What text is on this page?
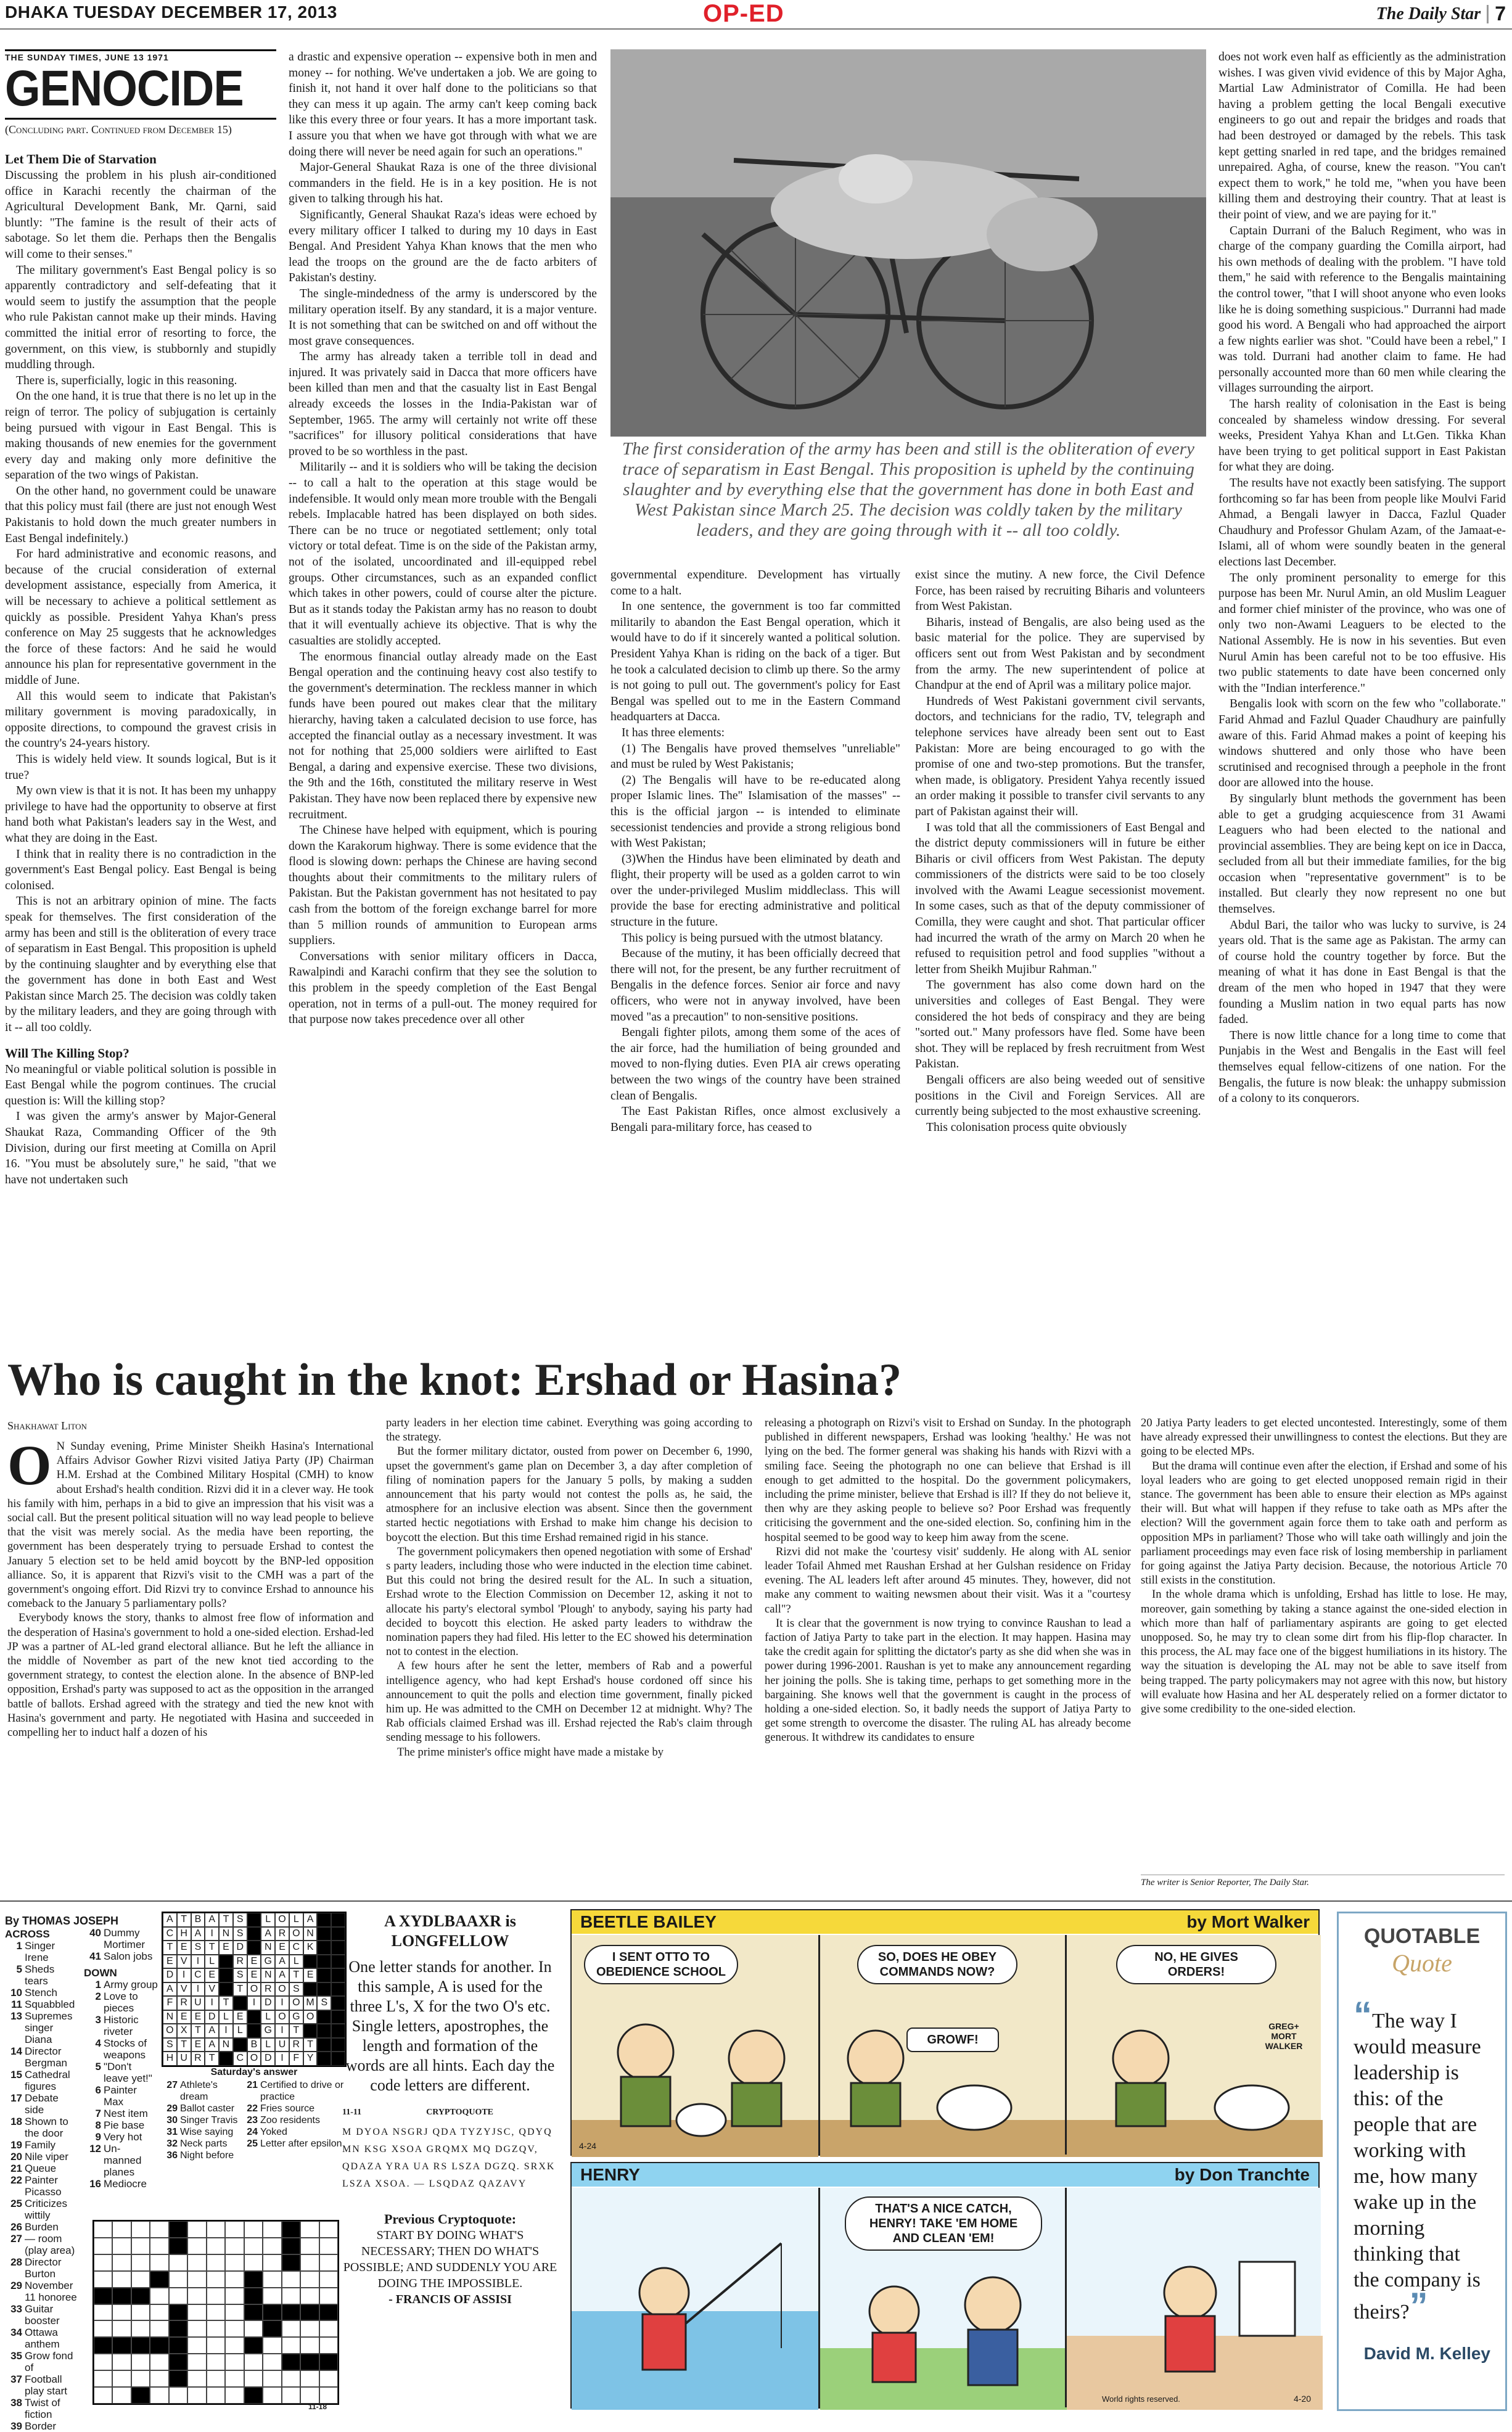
DHAKA TUESDAY DECEMBER 17, 2013	OP-ED	The Daily Star 7
THE SUNDAY TIMES, JUNE 13 1971
GENOCIDE
(Concluding part. Continued from December 15)
Let Them Die of Starvation

Discussing the problem in his plush air-conditioned office in Karachi recently the chairman of the Agricultural Development Bank, Mr. Qarni, said bluntly: "The famine is the result of their acts of sabotage. So let them die. Perhaps then the Bengalis will come to their senses."

The military government's East Bengal policy is so apparently contradictory and self-defeating that it would seem to justify the assumption that the people who rule Pakistan cannot make up their minds. Having committed the initial error of resorting to force, the government, on this view, is stubbornly and stupidly muddling through.

There is, superficially, logic in this reasoning.

On the one hand, it is true that there is no let up in the reign of terror. The policy of subjugation is certainly being pursued with vigour in East Bengal. This is making thousands of new enemies for the government every day and making only more definitive the separation of the two wings of Pakistan.

On the other hand, no government could be unaware that this policy must fail (there are just not enough West Pakistanis to hold down the much greater numbers in East Bengal indefinitely.)

For hard administrative and economic reasons, and because of the crucial consideration of external development assistance, especially from America, it will be necessary to achieve a political settlement as quickly as possible. President Yahya Khan's press conference on May 25 suggests that he acknowledges the force of these factors: And he said he would announce his plan for representative government in the middle of June.

All this would seem to indicate that Pakistan's military government is moving paradoxically, in opposite directions, to compound the gravest crisis in the country's 24-years history.

This is widely held view. It sounds logical, But is it true?

My own view is that it is not. It has been my unhappy privilege to have had the opportunity to observe at first hand both what Pakistan's leaders say in the West, and what they are doing in the East.

I think that in reality there is no contradiction in the government's East Bengal policy. East Bengal is being colonised.

This is not an arbitrary opinion of mine. The facts speak for themselves. The first consideration of the army has been and still is the obliteration of every trace of separatism in East Bengal. This proposition is upheld by the continuing slaughter and by everything else that the government has done in both East and West Pakistan since March 25. The decision was coldly taken by the military leaders, and they are going through with it -- all too coldly.

Will The Killing Stop?

No meaningful or viable political solution is possible in East Bengal while the pogrom continues. The crucial question is: Will the killing stop?

I was given the army's answer by Major-General Shaukat Raza, Commanding Officer of the 9th Division, during our first meeting at Comilla on April 16. "You must be absolutely sure," he said, "that we have not undertaken such

a drastic and expensive operation -- expensive both in men and money -- for nothing. We've undertaken a job. We are going to finish it, not hand it over half done to the politicians so that they can mess it up again. The army can't keep coming back like this every three or four years. It has a more important task. I assure you that when we have got through with what we are doing there will never be need again for such an operations."

Major-General Shaukat Raza is one of the three divisional commanders in the field. He is in a key position. He is not given to talking through his hat.

Significantly, General Shaukat Raza's ideas were echoed by every military officer I talked to during my 10 days in East Bengal. And President Yahya Khan knows that the men who lead the troops on the ground are the de facto arbiters of Pakistan's destiny.

The single-mindedness of the army is underscored by the military operation itself. By any standard, it is a major venture. It is not something that can be switched on and off without the most grave consequences.

The army has already taken a terrible toll in dead and injured. It was privately said in Dacca that more officers have been killed than men and that the casualty list in East Bengal already exceeds the losses in the India-Pakistan war of September, 1965. The army will certainly not write off these "sacrifices" for illusory political considerations that have proved to be so worthless in the past.

Militarily -- and it is soldiers who will be taking the decision -- to call a halt to the operation at this stage would be indefensible. It would only mean more trouble with the Bengali rebels. Implacable hatred has been displayed on both sides. There can be no truce or negotiated settlement; only total victory or total defeat. Time is on the side of the Pakistan army, not of the isolated, uncoordinated and ill-equipped rebel groups. Other circumstances, such as an expanded conflict which takes in other powers, could of course alter the picture. But as it stands today the Pakistan army has no reason to doubt that it will eventually achieve its objective. That is why the casualties are stolidly accepted.

The enormous financial outlay already made on the East Bengal operation and the continuing heavy cost also testify to the government's determination. The reckless manner in which funds have been poured out makes clear that the military hierarchy, having taken a calculated decision to use force, has accepted the financial outlay as a necessary investment. It was not for nothing that 25,000 soldiers were airlifted to East Bengal, a daring and expensive exercise. These two divisions, the 9th and the 16th, constituted the military reserve in West Pakistan. They have now been replaced there by expensive new recruitment.

The Chinese have helped with equipment, which is pouring down the Karakorum highway. There is some evidence that the flood is slowing down: perhaps the Chinese are having second thoughts about their commitments to the military rulers of Pakistan. But the Pakistan government has not hesitated to pay cash from the bottom of the foreign exchange barrel for more than 5 million rounds of ammunition to European arms suppliers.

Conversations with senior military officers in Dacca, Rawalpindi and Karachi confirm that they see the solution to this problem in the speedy completion of the East Bengal operation, not in terms of a pull-out. The money required for that purpose now takes precedence over all other

The first consideration of the army has been and still is the obliteration of every trace of separatism in East Bengal. This proposition is upheld by the continuing slaughter and by everything else that the government has done in both East and West Pakistan since March 25. The decision was coldly taken by the military leaders, and they are going through with it -- all too coldly.

governmental expenditure. Development has virtually come to a halt.

In one sentence, the government is too far committed militarily to abandon the East Bengal operation, which it would have to do if it sincerely wanted a political solution. President Yahya Khan is riding on the back of a tiger. But he took a calculated decision to climb up there. So the army is not going to pull out. The government's policy for East Bengal was spelled out to me in the Eastern Command headquarters at Dacca.

It has three elements:

(1) The Bengalis have proved themselves "unreliable" and must be ruled by West Pakistanis;

(2) The Bengalis will have to be re-educated along proper Islamic lines. The" Islamisation of the masses" -- this is the official jargon -- is intended to eliminate secessionist tendencies and provide a strong religious bond with West Pakistan;

(3)When the Hindus have been eliminated by death and flight, their property will be used as a golden carrot to win over the under-privileged Muslim middleclass. This will provide the base for erecting administrative and political structure in the future.

This policy is being pursued with the utmost blatancy.

Because of the mutiny, it has been officially decreed that there will not, for the present, be any further recruitment of Bengalis in the defence forces. Senior air force and navy officers, who were not in anyway involved, have been moved "as a precaution" to non-sensitive positions.

Bengali fighter pilots, among them some of the aces of the air force, had the humiliation of being grounded and moved to non-flying duties. Even PIA air crews operating between the two wings of the country have been strained clean of Bengalis.

The East Pakistan Rifles, once almost exclusively a Bengali para-military force, has ceased to

exist since the mutiny. A new force, the Civil Defence Force, has been raised by recruiting Biharis and volunteers from West Pakistan.

Biharis, instead of Bengalis, are also being used as the basic material for the police. They are supervised by officers sent out from West Pakistan and by secondment from the army. The new superintendent of police at Chandpur at the end of April was a military police major.

Hundreds of West Pakistani government civil servants, doctors, and technicians for the radio, TV, telegraph and telephone services have already been sent out to East Pakistan: More are being encouraged to go with the promise of one and two-step promotions. But the transfer, when made, is obligatory. President Yahya recently issued an order making it possible to transfer civil servants to any part of Pakistan against their will.

I was told that all the commissioners of East Bengal and the district deputy commissioners will in future be either Biharis or civil officers from West Pakistan. The deputy commissioners of the districts were said to be too closely involved with the Awami League secessionist movement. In some cases, such as that of the deputy commissioner of Comilla, they were caught and shot. That particular officer had incurred the wrath of the army on March 20 when he refused to requisition petrol and food supplies "without a letter from Sheikh Mujibur Rahman."

The government has also come down hard on the universities and colleges of East Bengal. They were considered the hot beds of conspiracy and they are being "sorted out." Many professors have fled. Some have been shot. They will be replaced by fresh recruitment from West Pakistan.

Bengali officers are also being weeded out of sensitive positions in the Civil and Foreign Services. All are currently being subjected to the most exhaustive screening.

This colonisation process quite obviously

does not work even half as efficiently as the administration wishes. I was given vivid evidence of this by Major Agha, Martial Law Administrator of Comilla. He had been having a problem getting the local Bengali executive engineers to go out and repair the bridges and roads that had been destroyed or damaged by the rebels. This task kept getting snarled in red tape, and the bridges remained unrepaired. Agha, of course, knew the reason. "You can't expect them to work," he told me, "when you have been killing them and destroying their country. That at least is their point of view, and we are paying for it."

Captain Durrani of the Baluch Regiment, who was in charge of the company guarding the Comilla airport, had his own methods of dealing with the problem. "I have told them," he said with reference to the Bengalis maintaining the control tower, "that I will shoot anyone who even looks like he is doing something suspicious." Durranni had made good his word. A Bengali who had approached the airport a few nights earlier was shot. "Could have been a rebel," I was told. Durrani had another claim to fame. He had personally accounted more than 60 men while clearing the villages surrounding the airport.

The harsh reality of colonisation in the East is being concealed by shameless window dressing. For several weeks, President Yahya Khan and Lt.Gen. Tikka Khan have been trying to get political support in East Pakistan for what they are doing.

The results have not exactly been satisfying. The support forthcoming so far has been from people like Moulvi Farid Ahmad, a Bengali lawyer in Dacca, Fazlul Quader Chaudhury and Professor Ghulam Azam, of the Jamaat-e-Islami, all of whom were soundly beaten in the general elections last December.

The only prominent personality to emerge for this purpose has been Mr. Nurul Amin, an old Muslim Leaguer and former chief minister of the province, who was one of only two non-Awami Leaguers to be elected to the National Assembly. He is now in his seventies. But even Nurul Amin has been careful not to be too effusive. His two public statements to date have been concerned only with the "Indian interference."

Bengalis look with scorn on the few who "collaborate." Farid Ahmad and Fazlul Quader Chaudhury are painfully aware of this. Farid Ahmad makes a point of keeping his windows shuttered and only those who have been scrutinised and recognised through a peephole in the front door are allowed into the house.

By singularly blunt methods the government has been able to get a grudging acquiescence from 31 Awami Leaguers who had been elected to the national and provincial assemblies. They are being kept on ice in Dacca, secluded from all but their immediate families, for the big occasion when "representative government" is to be installed. But clearly they now represent no one but themselves.

Abdul Bari, the tailor who was lucky to survive, is 24 years old. That is the same age as Pakistan. The army can of course hold the country together by force. But the meaning of what it has done in East Bengal is that the dream of the men who hoped in 1947 that they were founding a Muslim nation in two equal parts has now faded.

There is now little chance for a long time to come that Punjabis in the West and Bengalis in the East will feel themselves equal fellow-citizens of one nation. For the Bengalis, the future is now bleak: the unhappy submission of a colony to its conquerors.

Who is caught in the knot: Ershad or Hasina?
Shakhawat Liton
O N Sunday evening, Prime Minister Sheikh Hasina's International Affairs Advisor Gowher Rizvi visited Jatiya Party (JP) Chairman H.M. Ershad at the Combined Military Hospital (CMH) to know about Ershad's health condition. Rizvi did it in a clever way. He took his family with him, perhaps in a bid to give an impression that his visit was a social call. But the present political situation will no way lead people to believe that the visit was merely social. As the media have been reporting, the government has been desperately trying to persuade Ershad to contest the January 5 election set to be held amid boycott by the BNP-led opposition alliance. So, it is apparent that Rizvi's visit to the CMH was a part of the government's ongoing effort. Did Rizvi try to convince Ershad to announce his comeback to the January 5 parliamentary polls?

Everybody knows the story, thanks to almost free flow of information and the desperation of Hasina's government to hold a one-sided election. Ershad-led JP was a partner of AL-led grand electoral alliance. But he left the alliance in the middle of November as part of the new knot tied according to the government strategy, to contest the election alone. In the absence of BNP-led opposition, Ershad's party was supposed to act as the opposition in the arranged battle of ballots. Ershad agreed with the strategy and tied the new knot with Hasina's government and party. He negotiated with Hasina and succeeded in compelling her to induct half a dozen of his

party leaders in her election time cabinet. Everything was going according to the strategy.

But the former military dictator, ousted from power on December 6, 1990, upset the government's game plan on December 3, a day after completion of filing of nomination papers for the January 5 polls, by making a sudden announcement that his party would not contest the polls as, he said, the atmosphere for an inclusive election was absent. Since then the government started hectic negotiations with Ershad to make him change his decision to boycott the election. But this time Ershad remained rigid in his stance.

The government policymakers then opened negotiation with some of Ershad' s party leaders, including those who were inducted in the election time cabinet. But this could not bring the desired result for the AL. In such a situation, Ershad wrote to the Election Commission on December 12, asking it not to allocate his party's electoral symbol 'Plough' to anybody, saying his party had decided to boycott this election. He asked party leaders to withdraw the nomination papers they had filed. His letter to the EC showed his determination not to contest in the election.

A few hours after he sent the letter, members of Rab and a powerful intelligence agency, who had kept Ershad's house cordoned off since his announcement to quit the polls and election time government, finally picked him up. He was admitted to the CMH on December 12 at midnight. Why? The Rab officials claimed Ershad was ill. Ershad rejected the Rab's claim through sending message to his followers.

The prime minister's office might have made a mistake by

releasing a photograph on Rizvi's visit to Ershad on Sunday. In the photograph published in different newspapers, Ershad was looking 'healthy.' He was not lying on the bed. The former general was shaking his hands with Rizvi with a smiling face. Seeing the photograph no one can believe that Ershad is ill enough to get admitted to the hospital. Do the government policymakers, including the prime minister, believe that Ershad is ill? If they do not believe it, then why are they asking people to believe so? Poor Ershad was frequently criticising the government and the one-sided election. So, confining him in the hospital seemed to be good way to keep him away from the scene.

Rizvi did not make the 'courtesy visit' suddenly. He along with AL senior leader Tofail Ahmed met Raushan Ershad at her Gulshan residence on Friday evening. The AL leaders left after around 45 minutes. They, however, did not make any comment to waiting newsmen about their visit. Was it a "courtesy call"?

It is clear that the government is now trying to convince Raushan to lead a faction of Jatiya Party to take part in the election. It may happen. Hasina may take the credit again for splitting the dictator's party as she did when she was in power during 1996-2001. Raushan is yet to make any announcement regarding her joining the polls. She is taking time, perhaps to get something more in the bargaining. She knows well that the government is caught in the process of holding a one-sided election. So, it badly needs the support of Jatiya Party to get some strength to overcome the disaster. The ruling AL has already become generous. It withdrew its candidates to ensure

20 Jatiya Party leaders to get elected uncontested. Interestingly, some of them have already expressed their unwillingness to contest the elections. But they are going to be elected MPs.

But the drama will continue even after the election, if Ershad and some of his loyal leaders who are going to get elected unopposed remain rigid in their stance. The government has been able to ensure their election as MPs against their will. But what will happen if they refuse to take oath as MPs after the election? Will the government again force them to take oath and perform as opposition MPs in parliament? Those who will take oath willingly and join the parliament proceedings may even face risk of losing membership in parliament for going against the Jatiya Party decision. Because, the notorious Article 70 still exists in the constitution.

In the whole drama which is unfolding, Ershad has little to lose. He may, moreover, gain something by taking a stance against the one-sided election in which more than half of parliamentary aspirants are going to get elected unopposed. So, he may try to clean some dirt from his flip-flop character. In this process, the AL may face one of the biggest humiliations in its history. The way the situation is developing the AL may not be able to save itself from being trapped. The party policymakers may not agree with this now, but history will evaluate how Hasina and her AL desperately relied on a former dictator to give some credibility to the one-sided election.

The writer is Senior Reporter, The Daily Star.
By THOMAS JOSEPH
ACROSS
1 Singer Irene
5 Sheds tears
10 Stench
11 Squabbled
13 Supremes singer Diana
14 Director Bergman
15 Cathedral figures
17 Debate side
18 Shown to the door
19 Family
20 Nile viper
21 Queue
22 Painter Picasso
25 Criticizes wittily
26 Burden
27 — room (play area)
28 Director Burton
29 November 11 honoree
33 Guitar booster
34 Ottawa anthem
35 Grow fond of
37 Football play start
38 Twist of fiction
39 Border
40 Dummy Mortimer
41 Salon jobs
DOWN
1 Army group
2 Love to pieces
3 Historic riveter
4 Stocks of weapons
5 "Don't leave yet!"
6 Painter Max
7 Nest item
8 Pie base
9 Very hot
12 Un-manned planes
16 Mediocre
Saturday's answer
A T B A T S	L O L A
C H A I N S	A R O N
T E S T E D	N E C K
E V I	L	R E G A L
D I C E	S E N A T E
A V I V	T O R O S
F R U I T	I D I O M S
N E E D L E	L O G O
O X T A I	L	G I T
S T E A N	B L U R T
H U R T	C O D I F Y
21 Certified to drive or practice
22 Fries source
23 Zoo residents
24 Yoked
25 Letter after epsilon
27 Athlete's dream
29 Ballot caster
30 Singer Travis
31 Wise saying
32 Neck parts
36 Night before
11-18
A XYDLBAAXR is LONGFELLOW
One letter stands for another. In this sample, A is used for the three L's, X for the two O's etc. Single letters, apostrophes, the length and formation of the words are all hints. Each day the code letters are different.
11-11	CRYPTOQUOTE
M DYOA NSGRJ QDA TYZYJSC, QDYQ MN KSG XSOA GRQMX MQ DGZQV, QDAZA YRA UA RS LSZA DGZQ. SRXK LSZA XSOA. — LSQDAZ QAZAVY
Previous Cryptoquote:
START BY DOING WHAT'S NECESSARY; THEN DO WHAT'S POSSIBLE; AND SUDDENLY YOU ARE DOING THE IMPOSSIBLE.
- FRANCIS OF ASSISI
BEETLE BAILEY	by Mort Walker
I SENT OTTO TO OBEDIENCE SCHOOL
SO, DOES HE OBEY COMMANDS NOW?
GROWF!
NO, HE GIVES ORDERS!
GREG+ MORT WALKER
4-24
HENRY	by Don Tranchte
THAT'S A NICE CATCH, HENRY! TAKE 'EM HOME AND CLEAN 'EM!
World rights reserved.	4-20
QUOTABLE
Quote
“The way I would measure leadership is this: of the people that are working with me, how many wake up in the morning thinking that the company is theirs?”
David M. Kelley
